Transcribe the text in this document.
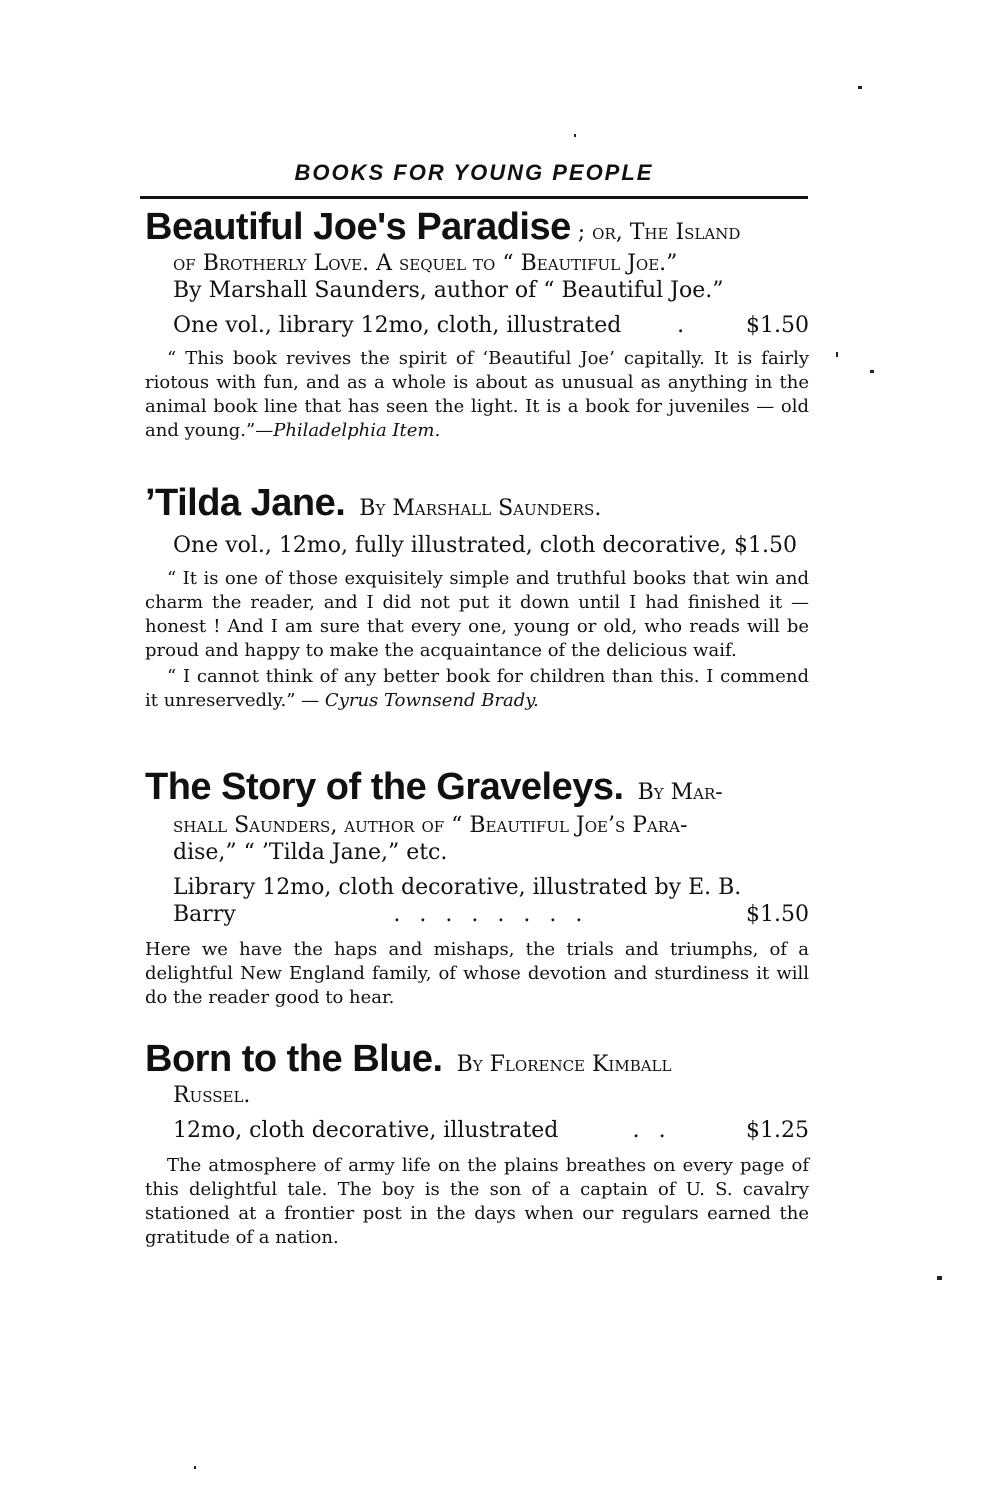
BOOKS FOR YOUNG PEOPLE
Beautiful Joe's Paradise ; or, The Island
of Brotherly Love. A sequel to “ Beautiful Joe.”
By Marshall Saunders, author of “ Beautiful Joe.”
One vol., library 12mo, cloth, illustrated	.	$1.50
“ This book revives the spirit of ‘Beautiful Joe’ capitally. It is fairly riotous with fun, and as a whole is about as unusual as anything in the animal book line that has seen the light. It is a book for juveniles — old and young.”—Philadelphia Item.
’Tilda Jane. By Marshall Saunders.
One vol., 12mo, fully illustrated, cloth decorative, $1.50
“ It is one of those exquisitely simple and truthful books that win and charm the reader, and I did not put it down until I had finished it — honest ! And I am sure that every one, young or old, who reads will be proud and happy to make the acquaintance of the delicious waif.
“ I cannot think of any better book for children than this. I commend it unreservedly.” — Cyrus Townsend Brady.
The Story of the Graveleys. By Mar-
shall Saunders, author of “ Beautiful Joe’s Para-
dise,” “ ’Tilda Jane,” etc.
Library 12mo, cloth decorative, illustrated by E. B.
Barry	. . . . . . . .	$1.50
Here we have the haps and mishaps, the trials and triumphs, of a delightful New England family, of whose devotion and sturdiness it will do the reader good to hear.
Born to the Blue. By Florence Kimball
Russel.
12mo, cloth decorative, illustrated	. .	$1.25
The atmosphere of army life on the plains breathes on every page of this delightful tale. The boy is the son of a captain of U. S. cavalry stationed at a frontier post in the days when our regulars earned the gratitude of a nation.
